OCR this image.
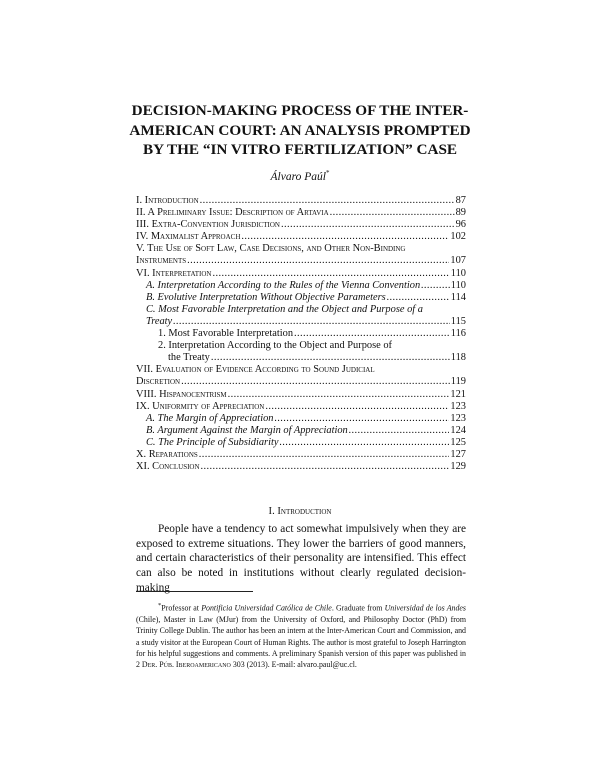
DECISION-MAKING PROCESS OF THE INTER-
AMERICAN COURT: AN ANALYSIS PROMPTED
BY THE “IN VITRO FERTILIZATION” CASE
Álvaro Paúl*
I. Introduction .....	87
II. A Preliminary Issue: Description of Artavia .....	89
III. Extra-Convention Jurisdiction .....	96
IV. Maximalist Approach .....	102
V. The Use of Soft Law, Case Decisions, and Other Non-Binding
Instruments .....	107
VI. Interpretation .....	110
A. Interpretation According to the Rules of the Vienna Convention .....	110
B. Evolutive Interpretation Without Objective Parameters .....	114
C. Most Favorable Interpretation and the Object and Purpose of a
Treaty .....	115
1. Most Favorable Interpretation .....	116
2. Interpretation According to the Object and Purpose of
the Treaty .....	118
VII. Evaluation of Evidence According to Sound Judicial
Discretion .....	119
VIII. Hispanocentrism .....	121
IX. Uniformity of Appreciation .....	123
A. The Margin of Appreciation .....	123
B. Argument Against the Margin of Appreciation .....	124
C. The Principle of Subsidiarity .....	125
X. Reparations .....	127
XI. Conclusion .....	129
I. Introduction

People have a tendency to act somewhat impulsively when they are exposed to extreme situations. They lower the barriers of good manners, and certain characteristics of their personality are intensified. This effect can also be noted in institutions without clearly regulated decision-making

*Professor at Pontificia Universidad Católica de Chile. Graduate from Universidad de los Andes (Chile), Master in Law (MJur) from the University of Oxford, and Philosophy Doctor (PhD) from Trinity College Dublin. The author has been an intern at the Inter-American Court and Commission, and a study visitor at the European Court of Human Rights. The author is most grateful to Joseph Harrington for his helpful suggestions and comments. A preliminary Spanish version of this paper was published in 2 Der. Púb. Iberoamericano 303 (2013). E-mail: alvaro.paul@uc.cl.
